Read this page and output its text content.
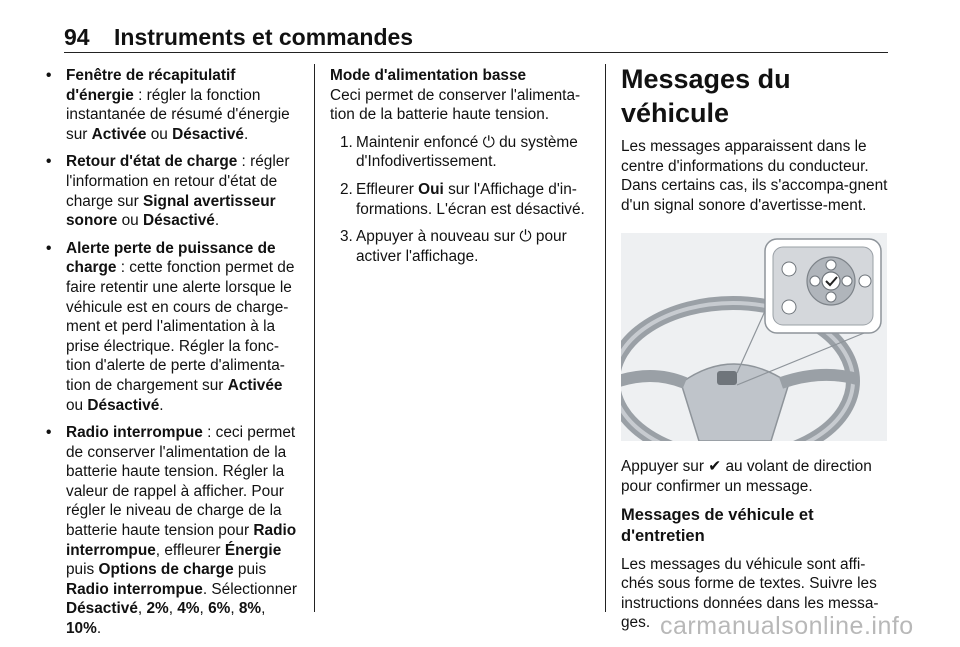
94 Instruments et commandes
• Fenêtre de récapitulatif d'énergie : régler la fonction instantanée de résumé d'énergie sur Activée ou Désactivé.
• Retour d'état de charge : régler l'information en retour d'état de charge sur Signal avertisseur sonore ou Désactivé.
• Alerte perte de puissance de charge : cette fonction permet de faire retentir une alerte lorsque le véhicule est en cours de charge-ment et perd l'alimentation à la prise électrique. Régler la fonc-tion d'alerte de perte d'alimenta-tion de chargement sur Activée ou Désactivé.
• Radio interrompue : ceci permet de conserver l'alimentation de la batterie haute tension. Régler la valeur de rappel à afficher. Pour régler le niveau de charge de la batterie haute tension pour Radio interrompue, effleurer Énergie puis Options de charge puis Radio interrompue. Sélectionner Désactivé, 2%, 4%, 6%, 8%, 10%.
Mode d'alimentation basse
Ceci permet de conserver l'alimenta-tion de la batterie haute tension.
1. Maintenir enfoncé ⏻ du système d'Infodivertissement.
2. Effleurer Oui sur l'Affichage d'in-formations. L'écran est désactivé.
3. Appuyer à nouveau sur ⏻ pour activer l'affichage.
Messages du véhicule
Les messages apparaissent dans le centre d'informations du conducteur. Dans certains cas, ils s'accompa-gnent d'un signal sonore d'avertisse-ment.
Appuyer sur ✔ au volant de direction pour confirmer un message.
Messages de véhicule et d'entretien
Les messages du véhicule sont affi-chés sous forme de textes. Suivre les instructions données dans les messa-ges. carmanualsonline.info
